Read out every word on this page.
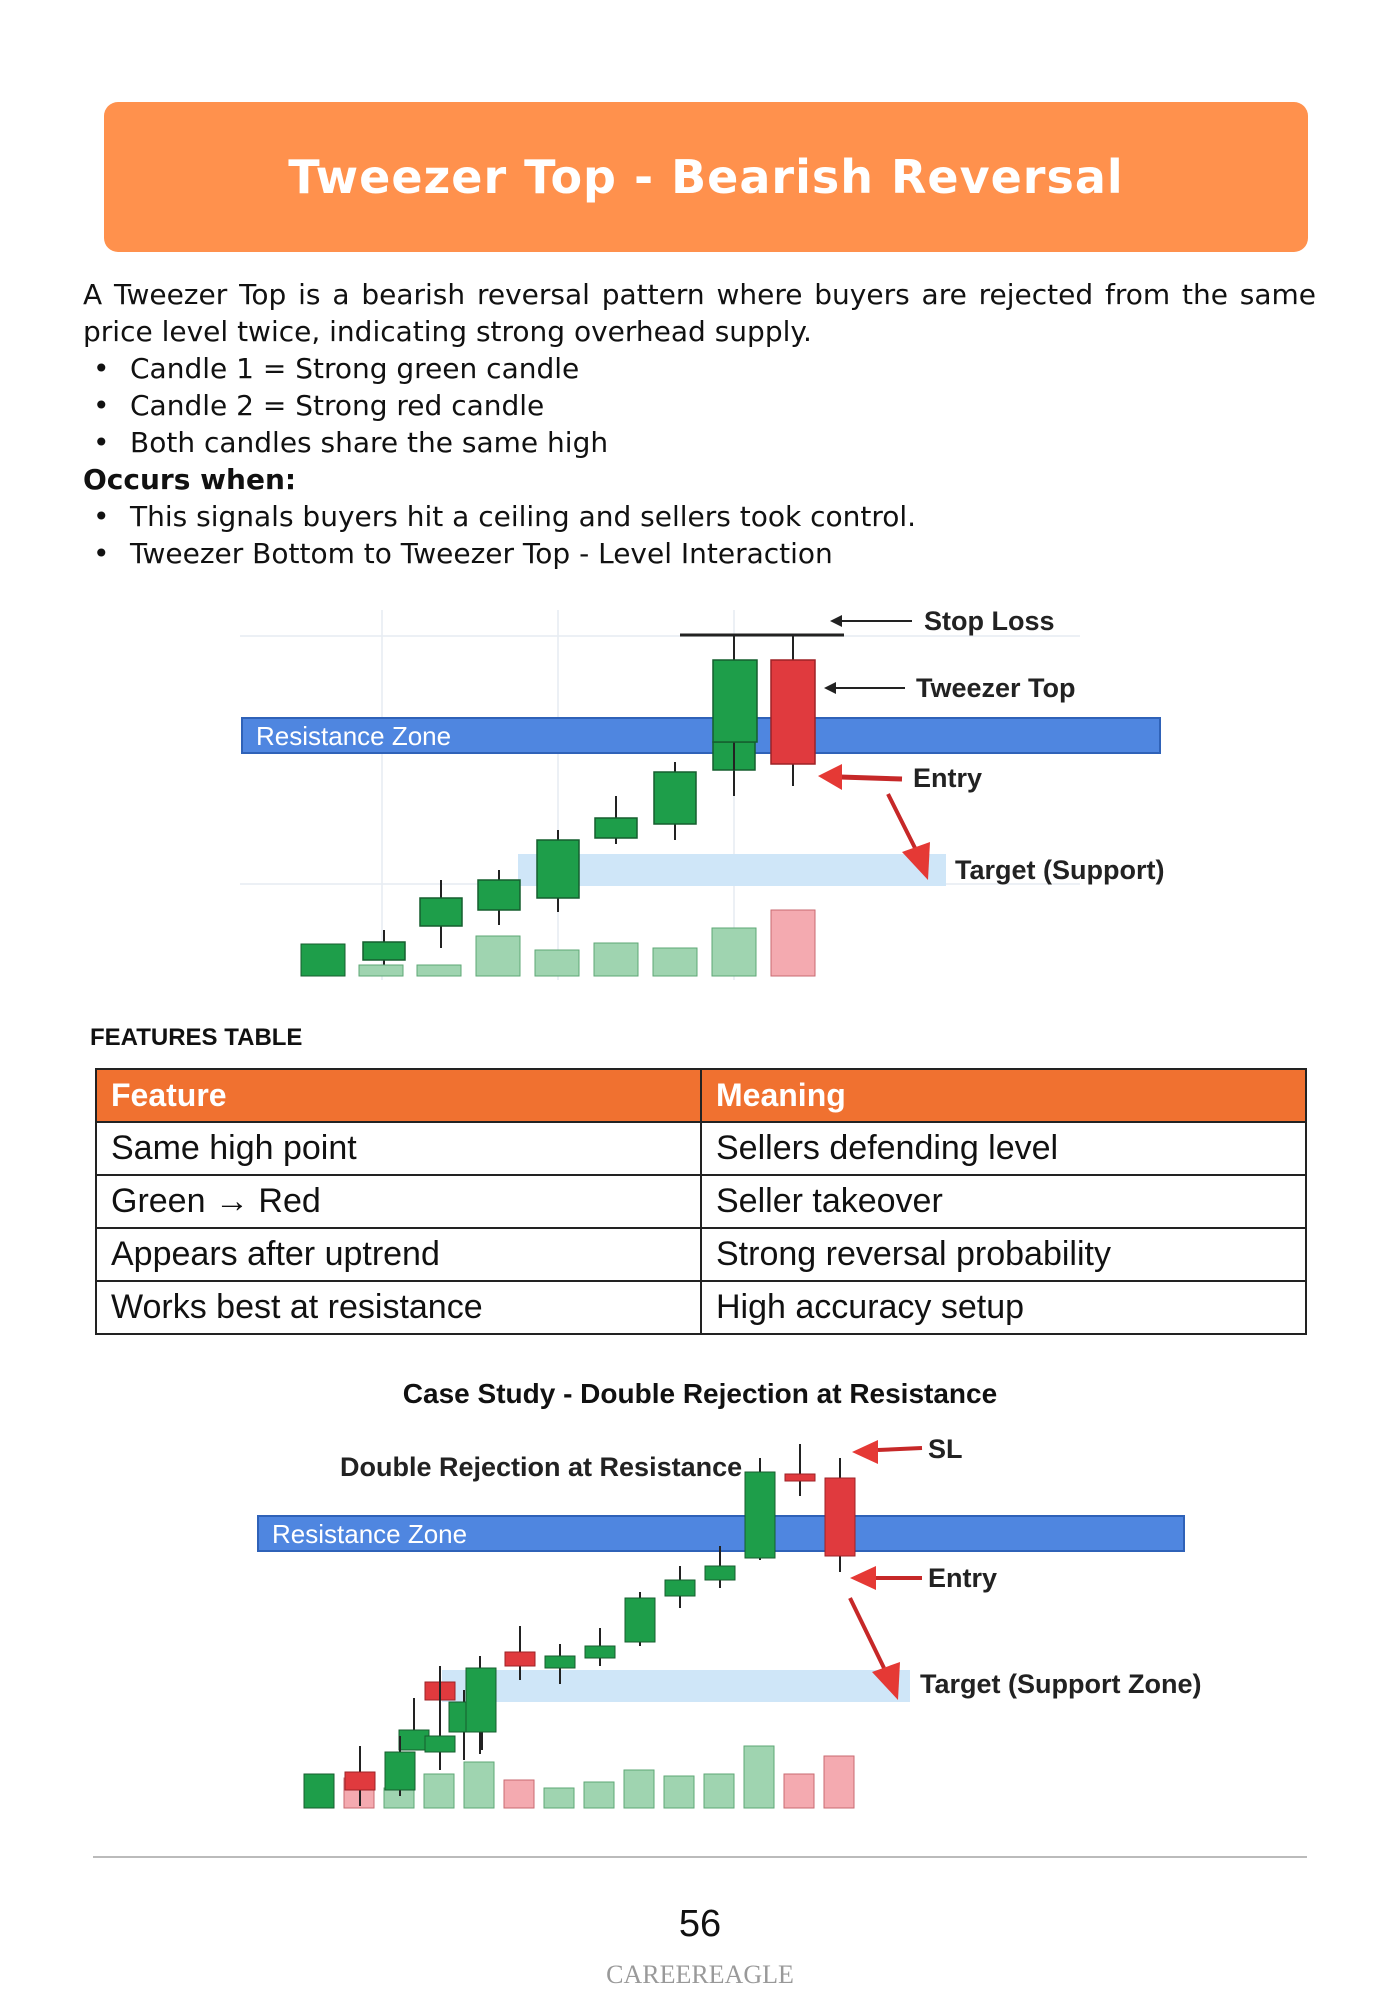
Tweezer Top - Bearish Reversal

A Tweezer Top is a bearish reversal pattern where buyers are rejected from the same price level twice, indicating strong overhead supply.

• Candle 1 = Strong green candle
• Candle 2 = Strong red candle
• Both candles share the same high

Occurs when:

• This signals buyers hit a ceiling and sellers took control.
• Tweezer Bottom to Tweezer Top - Level Interaction
Resistance Zone
Stop Loss
Tweezer Top
Entry
Target (Support)

FEATURES TABLE

Feature	Meaning
Same high point	Sellers defending level
Green → Red	Seller takeover
Appears after uptrend	Strong reversal probability
Works best at resistance	High accuracy setup

Case Study - Double Rejection at Resistance

Resistance Zone
Double Rejection at Resistance
SL
Entry
Target (Support Zone)
56
CAREEREAGLE
